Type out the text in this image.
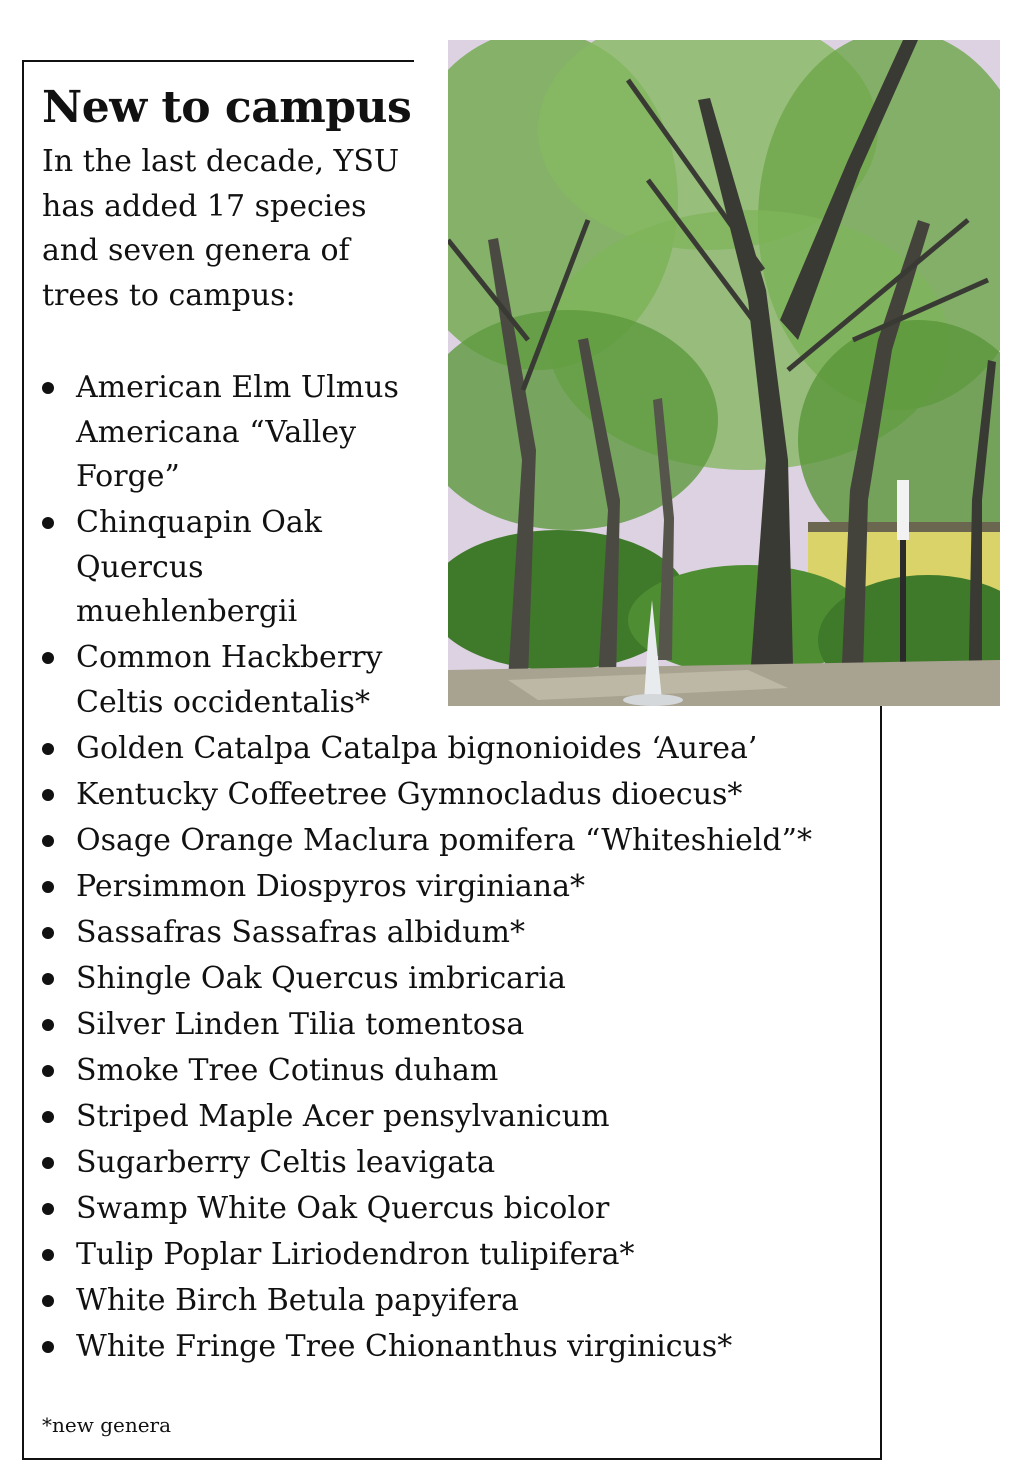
New to campus

In the last decade, YSU has added 17 species and seven genera of trees to campus:

American Elm Ulmus Americana “Valley Forge”
Chinquapin Oak Quercus muehlenbergii
Common Hackberry Celtis occidentalis*
Golden Catalpa Catalpa bignonioides ‘Aurea’
Kentucky Coffeetree Gymnocladus dioecus*
Osage Orange Maclura pomifera “Whiteshield”*
Persimmon Diospyros virginiana*
Sassafras Sassafras albidum*
Shingle Oak Quercus imbricaria
Silver Linden Tilia tomentosa
Smoke Tree Cotinus duham
Striped Maple Acer pensylvanicum
Sugarberry Celtis leavigata
Swamp White Oak Quercus bicolor
Tulip Poplar Liriodendron tulipifera*
White Birch Betula papyifera
White Fringe Tree Chionanthus virginicus*

*new genera
